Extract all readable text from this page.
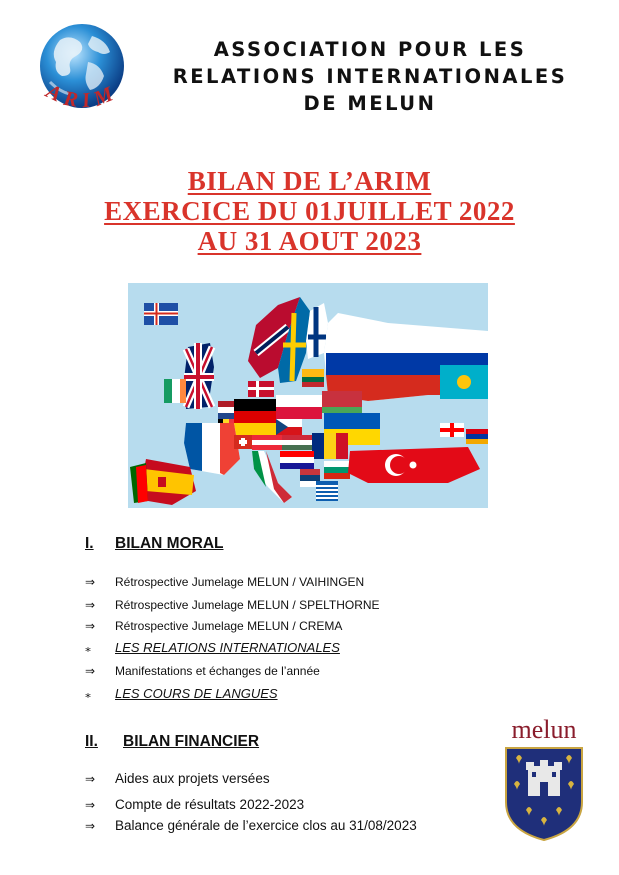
ARIM
ASSOCIATION POUR LES
RELATIONS INTERNATIONALES
DE MELUN
BILAN DE L’ARIM
EXERCICE DU 01JUILLET 2022
AU 31 AOUT 2023
I. BILAN MORAL
⇒ Rétrospective Jumelage MELUN / VAIHINGEN
⇒ Rétrospective Jumelage MELUN / SPELTHORNE
⇒ Rétrospective Jumelage MELUN / CREMA
⁎ LES RELATIONS INTERNATIONALES
⇒ Manifestations et échanges de l’année
⁎ LES COURS DE LANGUES
II. BILAN FINANCIER
⇒ Aides aux projets versées
⇒ Compte de résultats 2022-2023
⇒ Balance générale de l’exercice clos au 31/08/2023
melun
